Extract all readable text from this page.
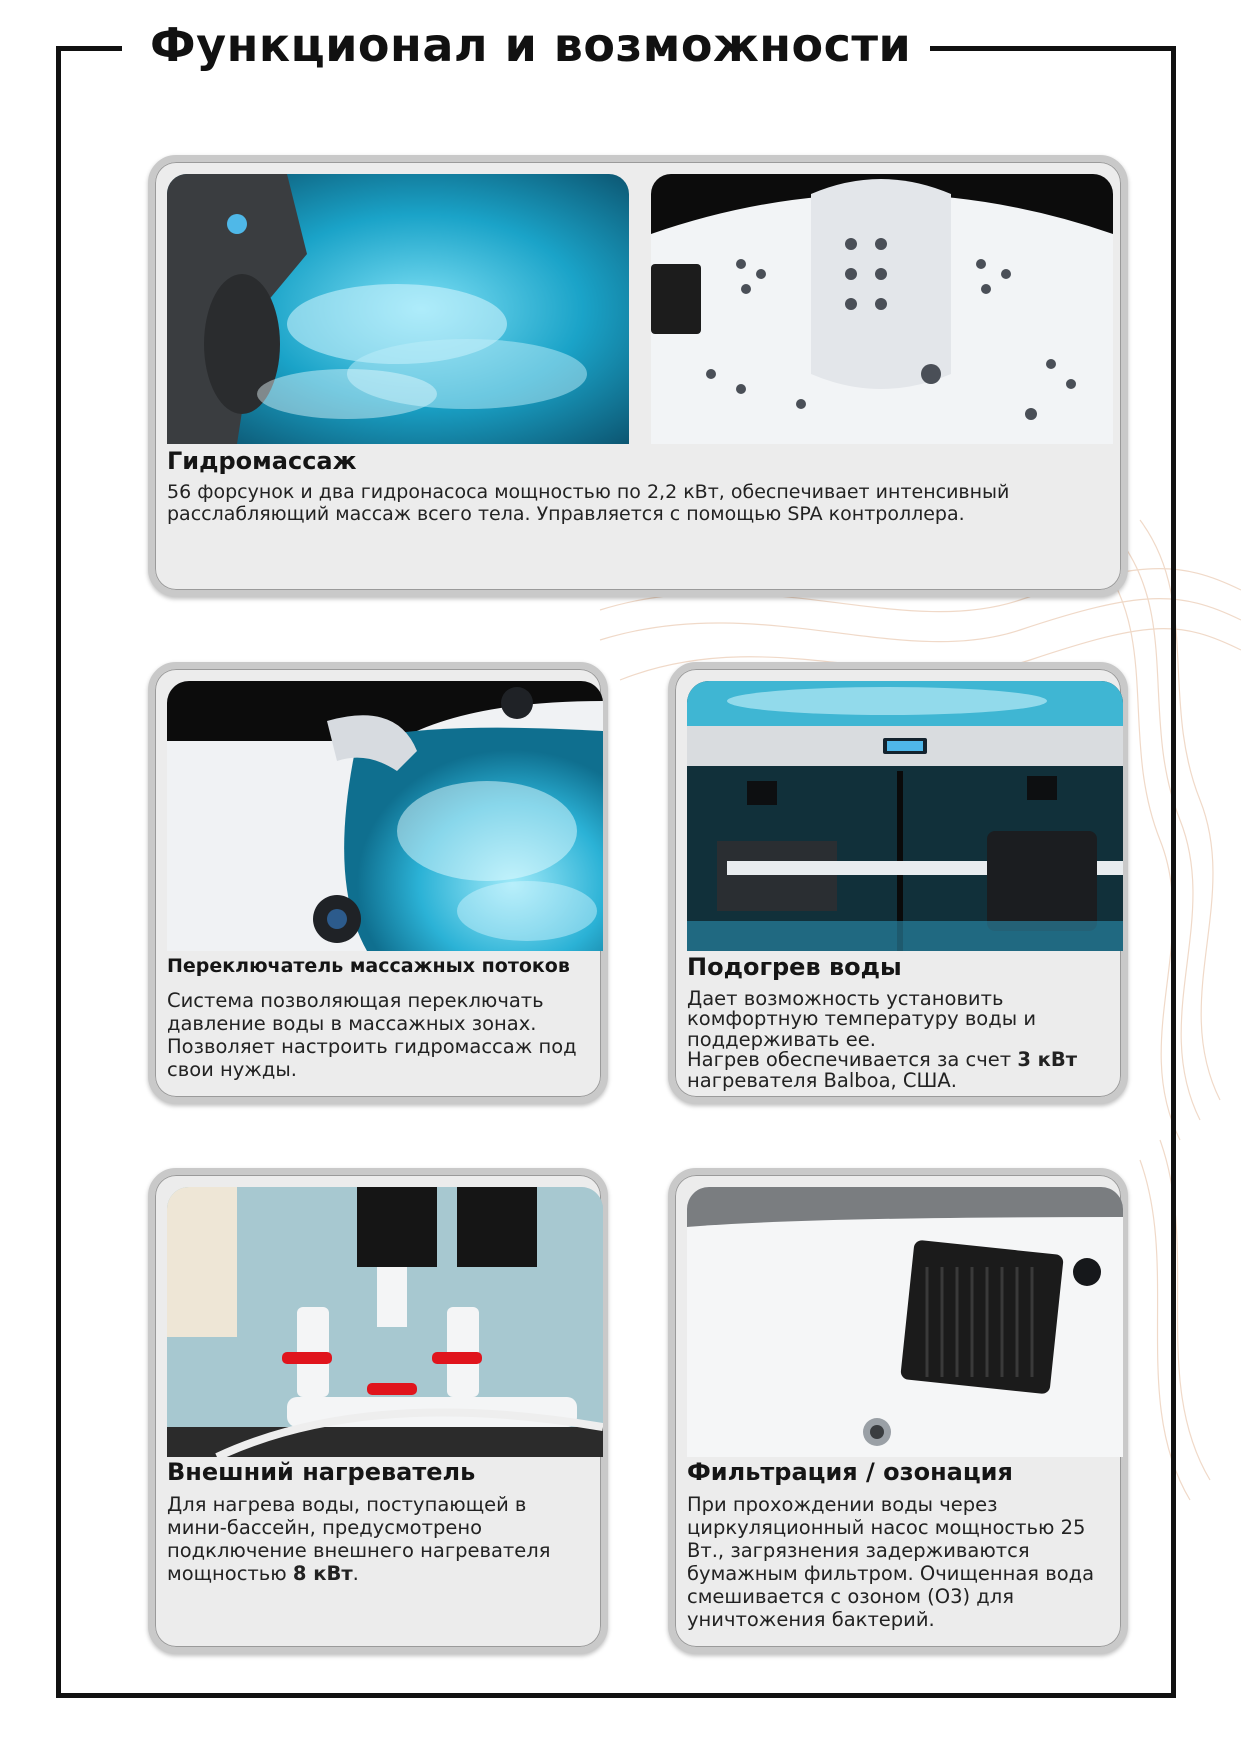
Функционал и возможности
Гидромассаж

56 форсунок и два гидронасоса мощностью по 2,2 кВт, обеспечивает интенсивный расслабляющий массаж всего тела. Управляется с помощью SPA контроллера.

Переключатель массажных потоков

Система позволяющая переключать давление воды в массажных зонах. Позволяет настроить гидромассаж под свои нужды.

Подогрев воды

Дает возможность установить комфортную температуру воды и поддерживать ее.

Нагрев обеспечивается за счет 3 кВт нагревателя Balboa, США.

Внешний нагреватель

Для нагрева воды, поступающей в мини-бассейн, предусмотрено подключение внешнего нагревателя мощностью 8 кВт.

Фильтрация / озонация

При прохождении воды через циркуляционный насос мощностью 25 Вт., загрязнения задерживаются бумажным фильтром. Очищенная вода смешивается с озоном (О3) для уничтожения бактерий.
